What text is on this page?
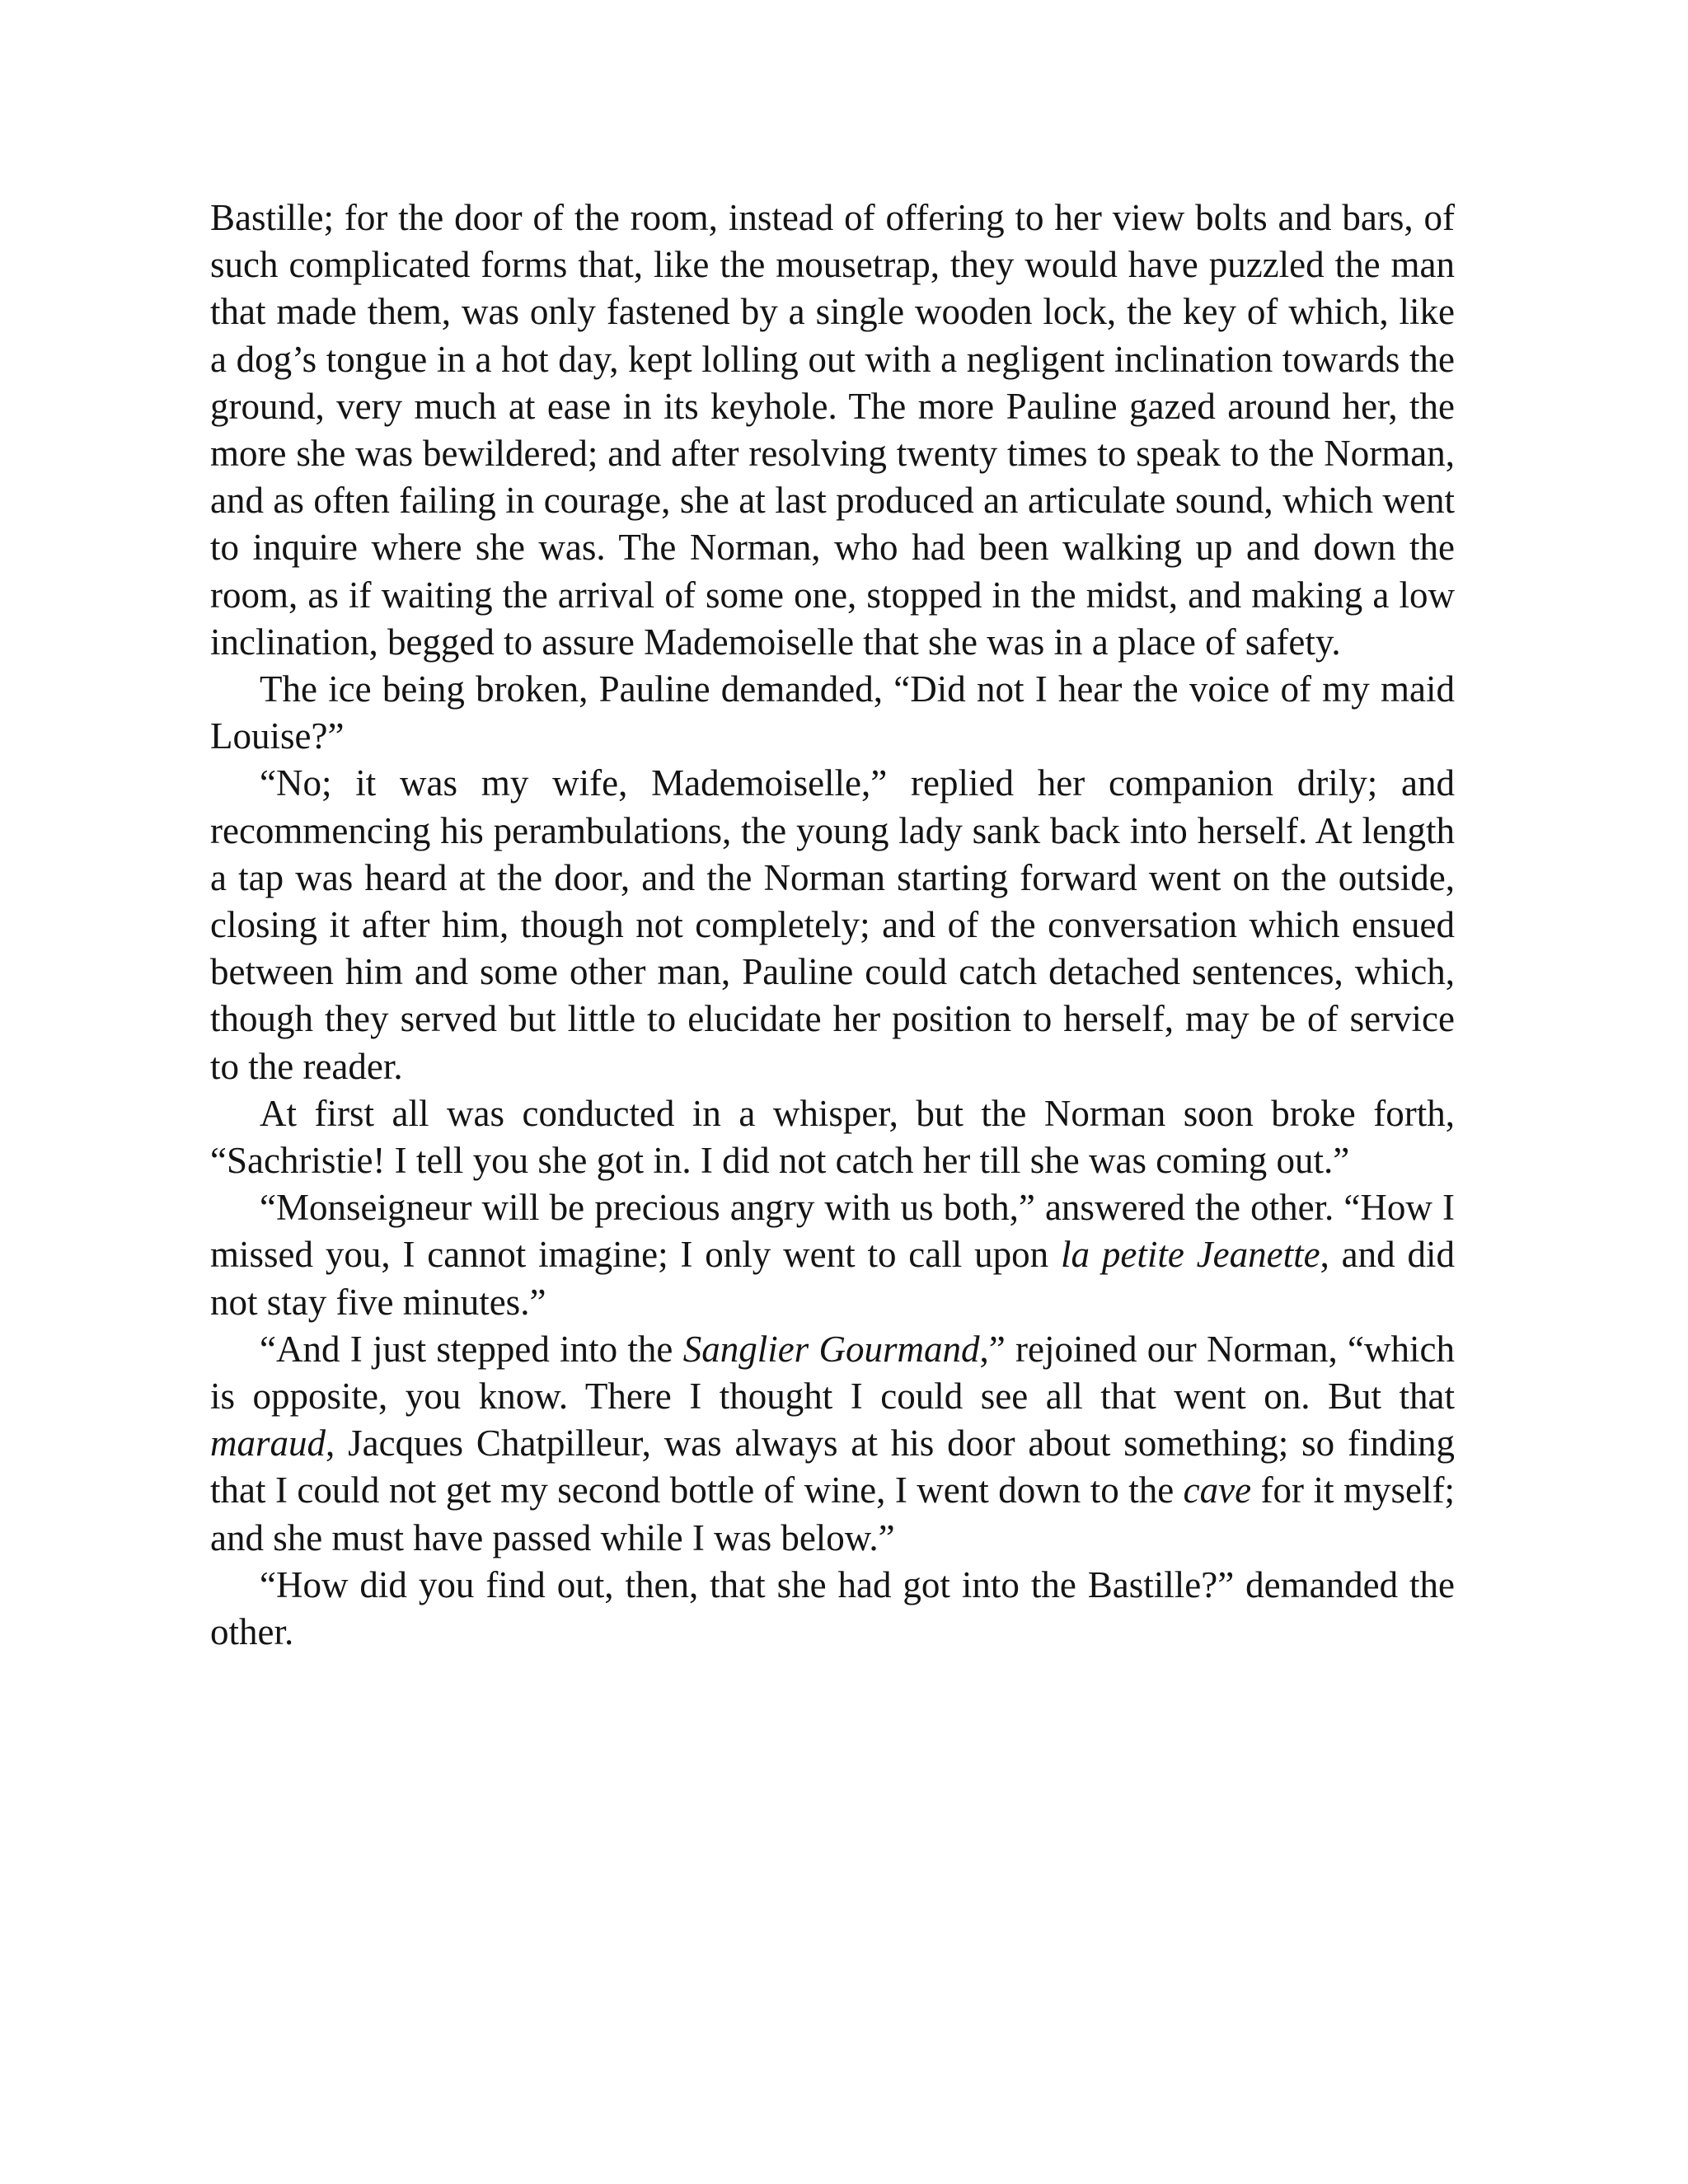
Bastille; for the door of the room, instead of offering to her view bolts and bars, of such complicated forms that, like the mousetrap, they would have puzzled the man that made them, was only fastened by a single wooden lock, the key of which, like a dog’s tongue in a hot day, kept lolling out with a negligent inclination towards the ground, very much at ease in its keyhole. The more Pauline gazed around her, the more she was bewildered; and after resolving twenty times to speak to the Norman, and as often failing in courage, she at last produced an articulate sound, which went to inquire where she was. The Norman, who had been walking up and down the room, as if waiting the arrival of some one, stopped in the midst, and making a low inclination, begged to assure Mademoiselle that she was in a place of safety.

The ice being broken, Pauline demanded, “Did not I hear the voice of my maid Louise?”

“No; it was my wife, Mademoiselle,” replied her companion drily; and recommencing his perambulations, the young lady sank back into herself. At length a tap was heard at the door, and the Norman starting forward went on the outside, closing it after him, though not completely; and of the conversation which ensued between him and some other man, Pauline could catch detached sentences, which, though they served but little to elucidate her position to herself, may be of service to the reader.

At first all was conducted in a whisper, but the Norman soon broke forth, “Sachristie! I tell you she got in. I did not catch her till she was coming out.”

“Monseigneur will be precious angry with us both,” answered the other. “How I missed you, I cannot imagine; I only went to call upon la petite Jeanette, and did not stay five minutes.”

“And I just stepped into the Sanglier Gourmand,” rejoined our Norman, “which is opposite, you know. There I thought I could see all that went on. But that maraud, Jacques Chatpilleur, was always at his door about something; so finding that I could not get my second bottle of wine, I went down to the cave for it myself; and she must have passed while I was below.”

“How did you find out, then, that she had got into the Bastille?” demanded the other.
